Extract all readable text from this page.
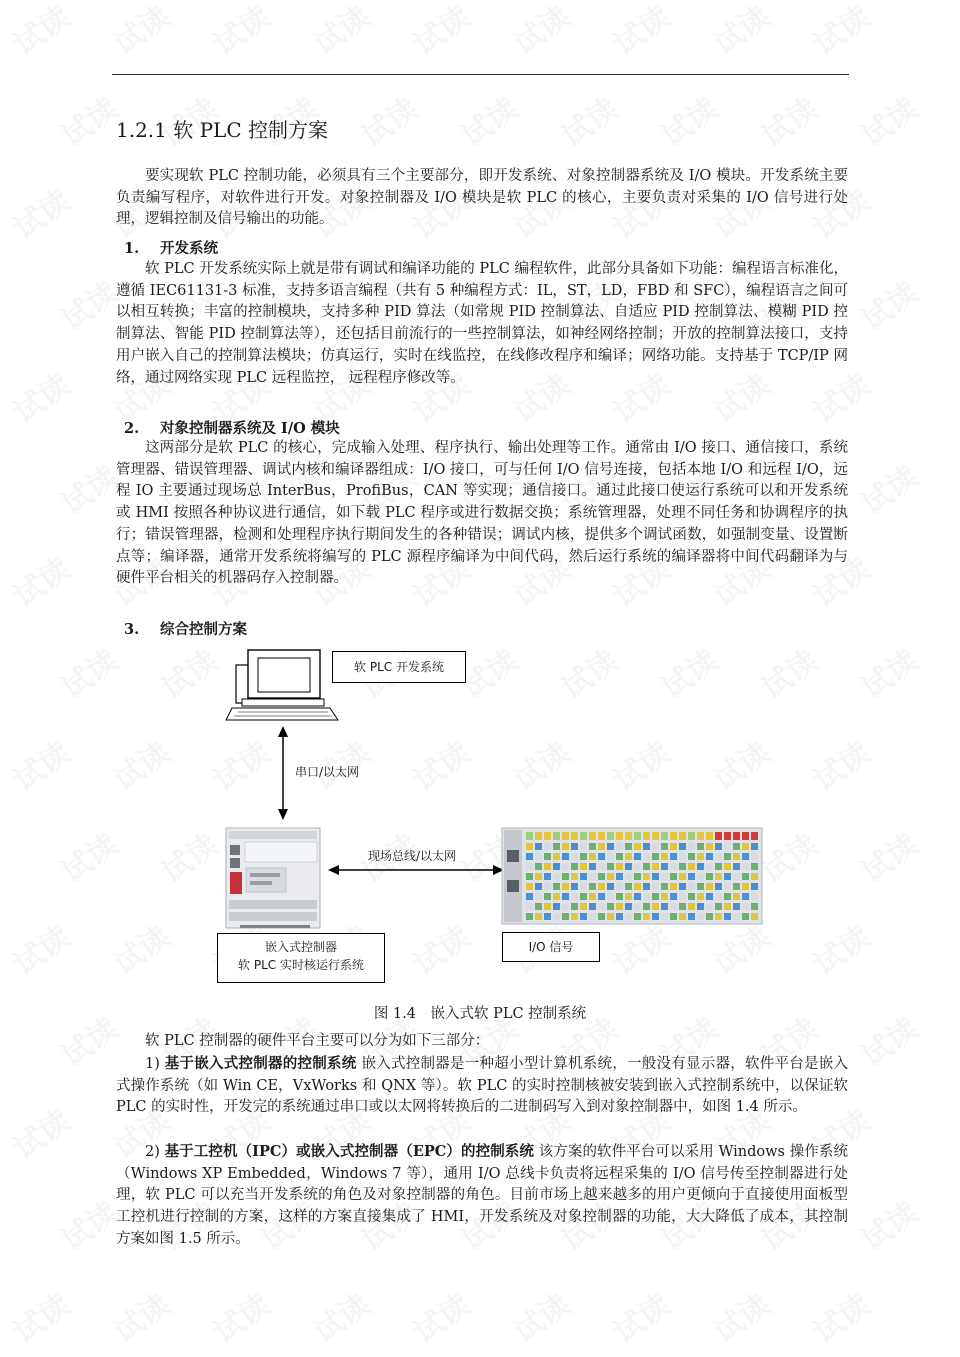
1.2.1 软 PLC 控制方案

要实现软 PLC 控制功能，必须具有三个主要部分，即开发系统、对象控制器系统及 I/O 模块。开发系统主要负责编写程序，对软件进行开发。对象控制器及 I/O 模块是软 PLC 的核心，主要负责对采集的 I/O 信号进行处理，逻辑控制及信号输出的功能。

1. 开发系统

软 PLC 开发系统实际上就是带有调试和编译功能的 PLC 编程软件，此部分具备如下功能：编程语言标准化，遵循 IEC61131-3 标准，支持多语言编程（共有 5 种编程方式：IL，ST，LD，FBD 和 SFC），编程语言之间可以相互转换；丰富的控制模块，支持多种 PID 算法（如常规 PID 控制算法、自适应 PID 控制算法、模糊 PID 控制算法、智能 PID 控制算法等），还包括目前流行的一些控制算法，如神经网络控制；开放的控制算法接口，支持用户嵌入自己的控制算法模块；仿真运行，实时在线监控，在线修改程序和编译；网络功能。支持基于 TCP/IP 网络，通过网络实现 PLC 远程监控， 远程程序修改等。

2. 对象控制器系统及 I/O 模块

这两部分是软 PLC 的核心，完成输入处理、程序执行、输出处理等工作。通常由 I/O 接口、通信接口，系统管理器、错误管理器、调试内核和编译器组成：I/O 接口，可与任何 I/O 信号连接，包括本地 I/O 和远程 I/O，远程 IO 主要通过现场总 InterBus，ProfiBus，CAN 等实现；通信接口。通过此接口使运行系统可以和开发系统或 HMI 按照各种协议进行通信，如下载 PLC 程序或进行数据交换；系统管理器，处理不同任务和协调程序的执行；错误管理器，检测和处理程序执行期间发生的各种错误；调试内核，提供多个调试函数，如强制变量、设置断点等；编译器，通常开发系统将编写的 PLC 源程序编译为中间代码，然后运行系统的编译器将中间代码翻译为与硬件平台相关的机器码存入控制器。

3. 综合控制方案
软 PLC 开发系统
串口/以太网
现场总线/以太网
嵌入式控制器
软 PLC 实时核运行系统
I/O 信号
图 1.4　嵌入式软 PLC 控制系统

软 PLC 控制器的硬件平台主要可以分为如下三部分：

1) 基于嵌入式控制器的控制系统 嵌入式控制器是一种超小型计算机系统，一般没有显示器，软件平台是嵌入式操作系统（如 Win CE，VxWorks 和 QNX 等）。软 PLC 的实时控制核被安装到嵌入式控制系统中，以保证软 PLC 的实时性，开发完的系统通过串口或以太网将转换后的二进制码写入到对象控制器中，如图 1.4 所示。

2) 基于工控机（IPC）或嵌入式控制器（EPC）的控制系统 该方案的软件平台可以采用 Windows 操作系统（Windows XP Embedded，Windows 7 等），通用 I/O 总线卡负责将远程采集的 I/O 信号传至控制器进行处理，软 PLC 可以充当开发系统的角色及对象控制器的角色。目前市场上越来越多的用户更倾向于直接使用面板型工控机进行控制的方案，这样的方案直接集成了 HMI，开发系统及对象控制器的功能，大大降低了成本，其控制方案如图 1.5 所示。
